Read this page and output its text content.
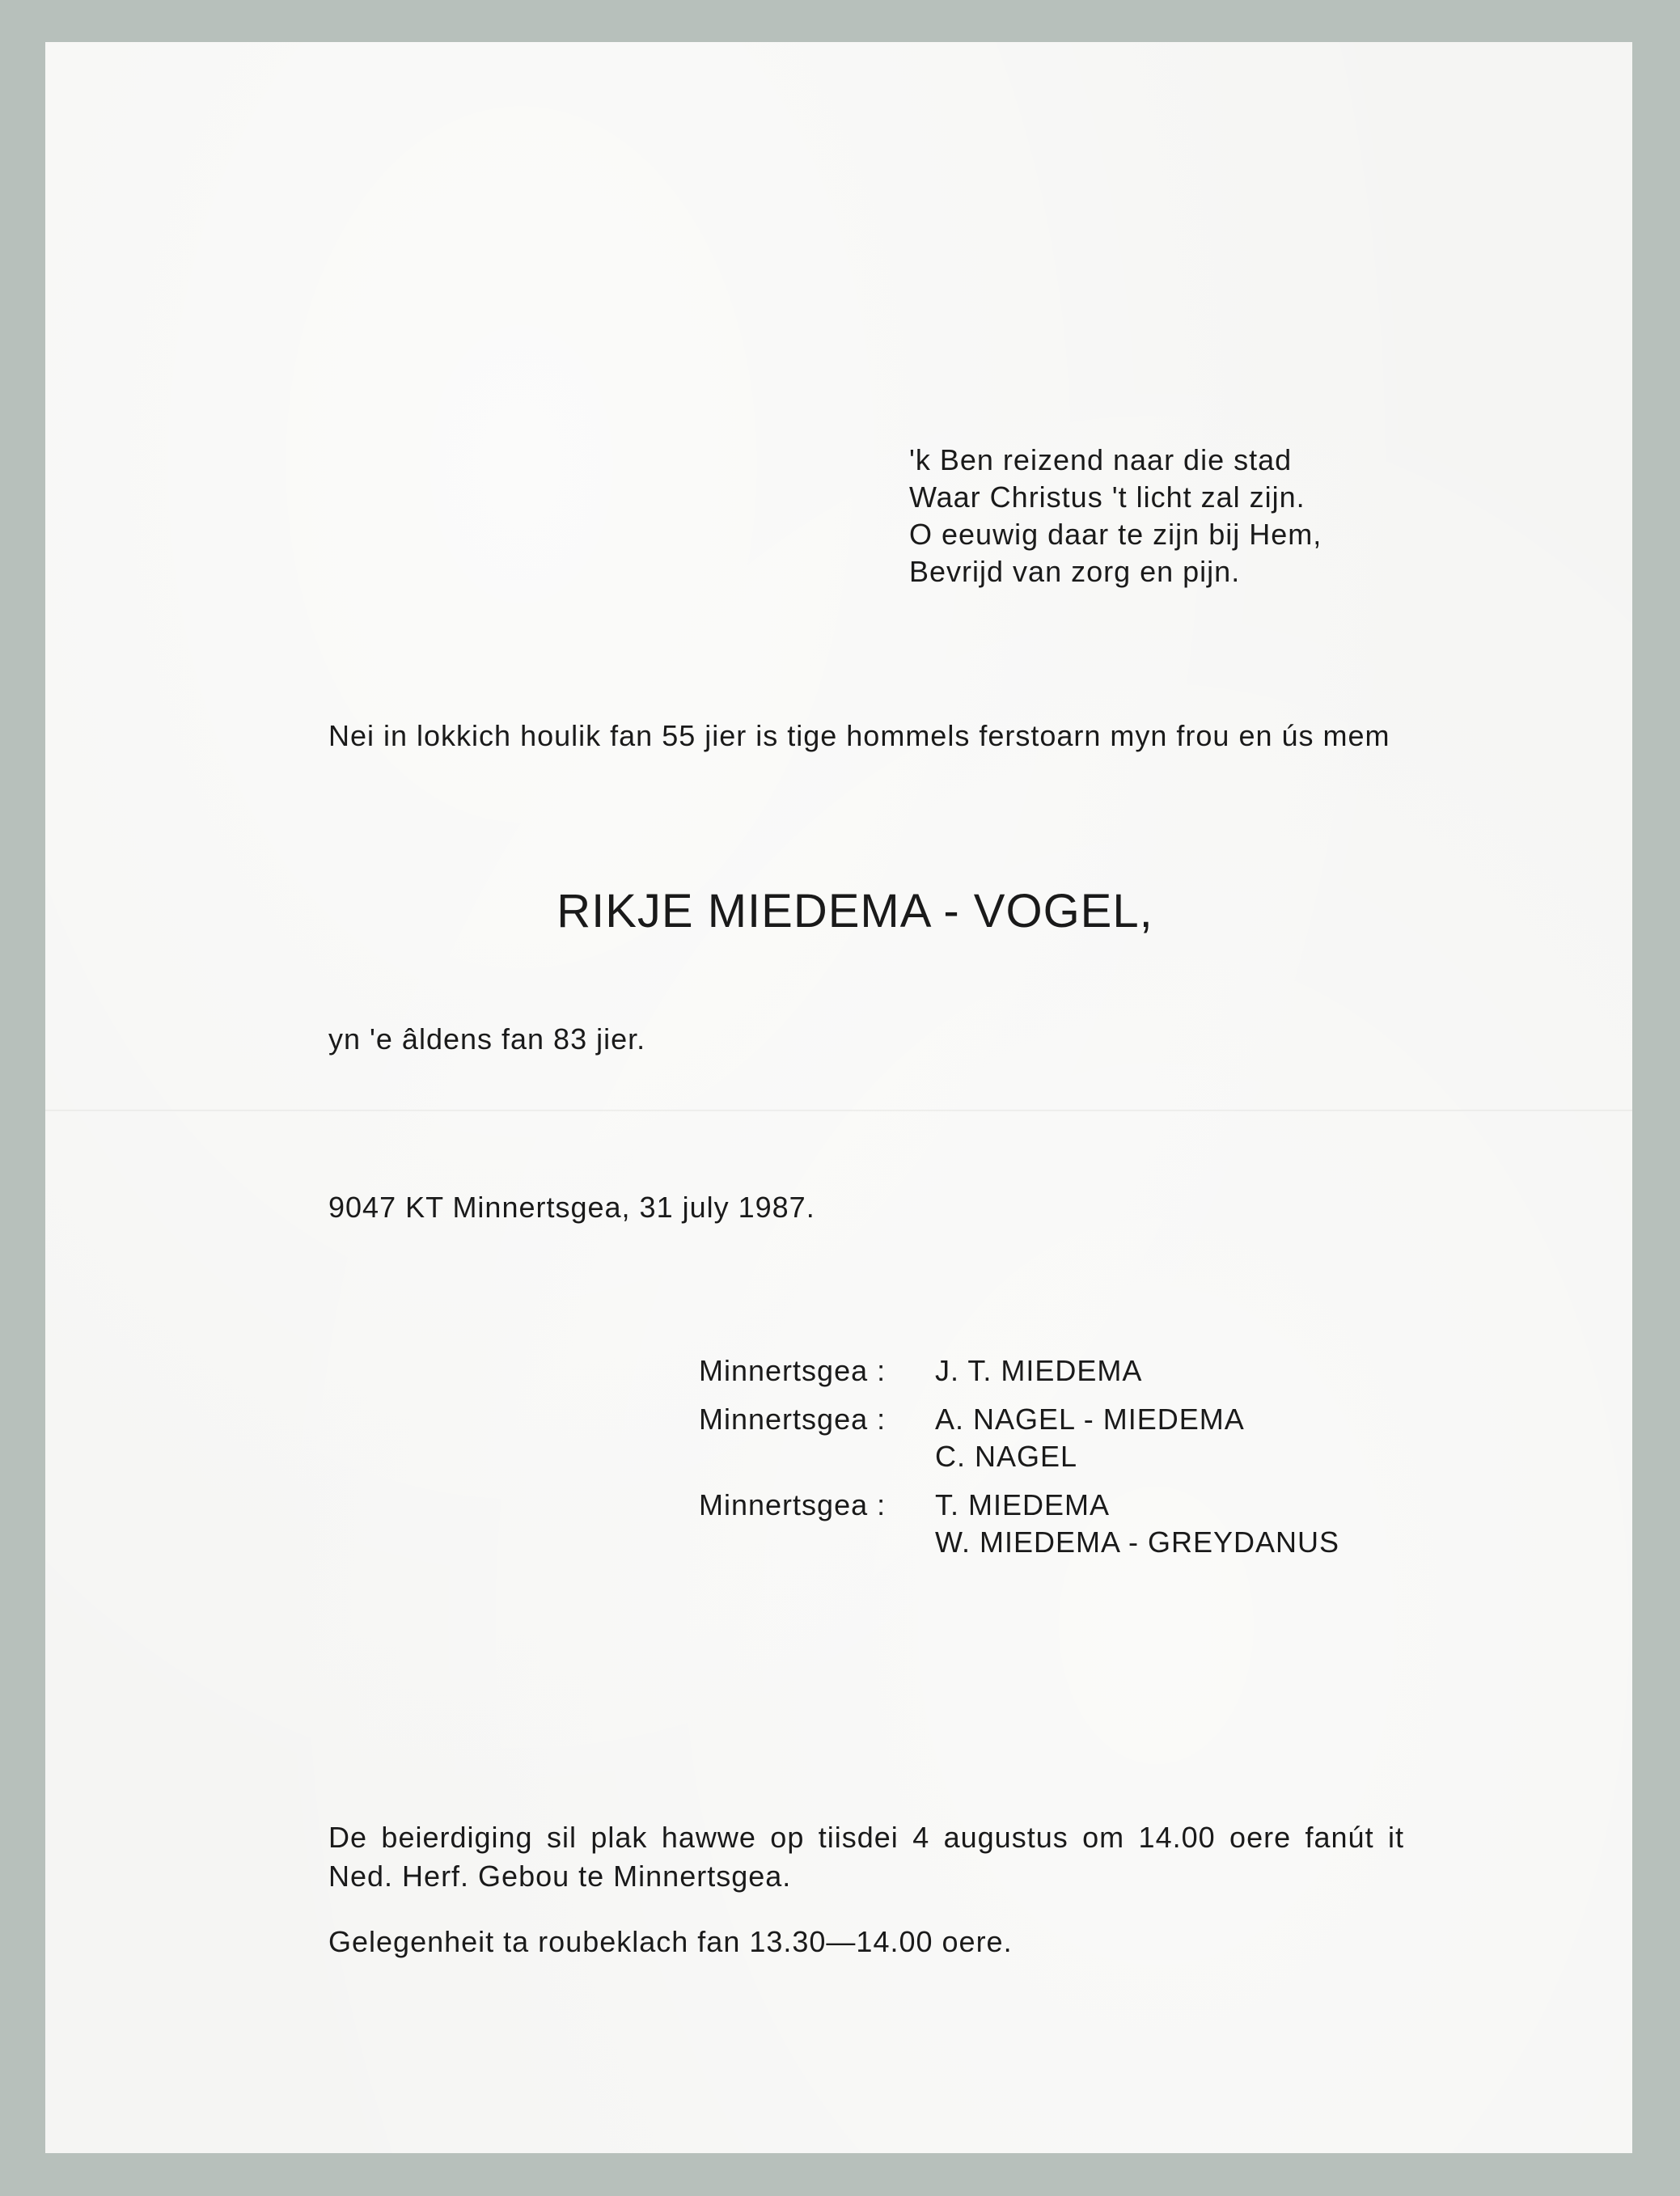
'k Ben reizend naar die stad
Waar Christus 't licht zal zijn.
O eeuwig daar te zijn bij Hem,
Bevrijd van zorg en pijn.

Nei in lokkich houlik fan 55 jier is tige hommels ferstoarn myn frou en ús mem

RIKJE MIEDEMA - VOGEL,
yn 'e âldens fan 83 jier.
9047 KT Minnertsgea, 31 july 1987.
Minnertsgea : J. T. MIEDEMA
Minnertsgea : A. NAGEL - MIEDEMA
C. NAGEL
Minnertsgea : T. MIEDEMA
W. MIEDEMA - GREYDANUS

De beierdiging sil plak hawwe op tiisdei 4 augustus om 14.00 oere fanút it Ned. Herf. Gebou te Minnertsgea.

Gelegenheit ta roubeklach fan 13.30—14.00 oere.
